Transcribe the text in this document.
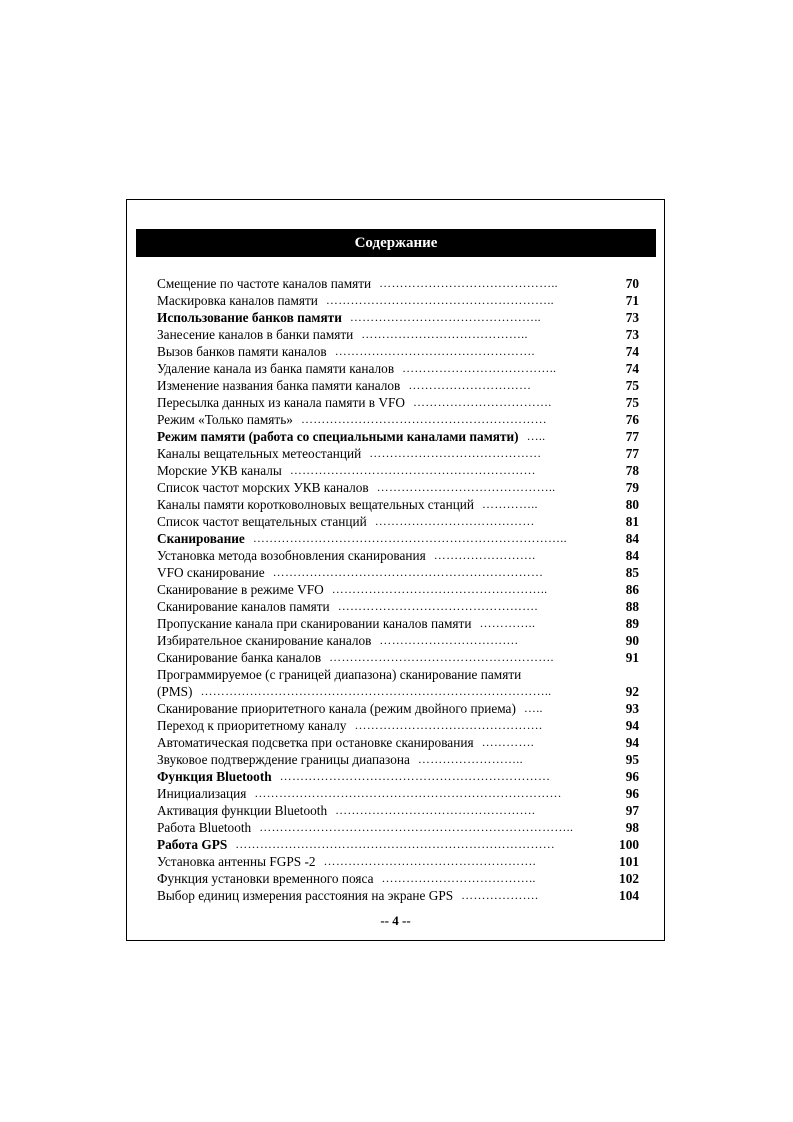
Содержание
Смещение по частоте каналов памяти ……………………………………..	70
Маскировка каналов памяти ………………………………………………..	71
Использование банков памяти ………………………………………..	73
Занесение каналов в банки памяти …………………………………..	73
Вызов банков памяти каналов ………………………………………….	74
Удаление канала из банка памяти каналов ………………………………..	74
Изменение названия банка памяти каналов …………………………	75
Пересылка данных из канала памяти в VFO …………………………….	75
Режим «Только память» ……………………………………………………	76
Режим памяти (работа со специальными каналами памяти) …..	77
Каналы вещательных метеостанций ……………………………………	77
Морские УКВ каналы ……………………………………………………	78
Список частот морских УКВ каналов ……………………………………..	79
Каналы памяти коротковолновых вещательных станций …………..	80
Список частот вещательных станций …………………………………	81
Сканирование …………………………………………………………………..	84
Установка метода возобновления сканирования …………………….	84
VFO сканирование …………………………………………………………	85
Сканирование в режиме VFO ……………………………………………..	86
Сканирование каналов памяти ………………………………………….	88
Пропускание канала при сканировании каналов памяти …………..	89
Избирательное сканирование каналов …………………………….	90
Сканирование банка каналов ……………………………………………….	91
Программируемое (с границей диапазона) сканирование памяти
(PMS) …………………………………………………………………………..	92
Сканирование приоритетного канала (режим двойного приема) …..	93
Переход к приоритетному каналу ……………………………………….	94
Автоматическая подсветка при остановке сканирования ………….	94
Звуковое подтверждение границы диапазона ……………………..	95
Функция Bluetooth …………………………………………………………	96
Инициализация …………………………………………………………………	96
Активация функции Bluetooth ………………………………………….	97
Работа Bluetooth …………………………………………………………………..	98
Работа GPS ……………………………………………………………………	100
Установка антенны FGPS -2 …………………………………………….	101
Функция установки временного пояса ………………………………..	102
Выбор единиц измерения расстояния на экране GPS ……………….	104
-- 4 --
